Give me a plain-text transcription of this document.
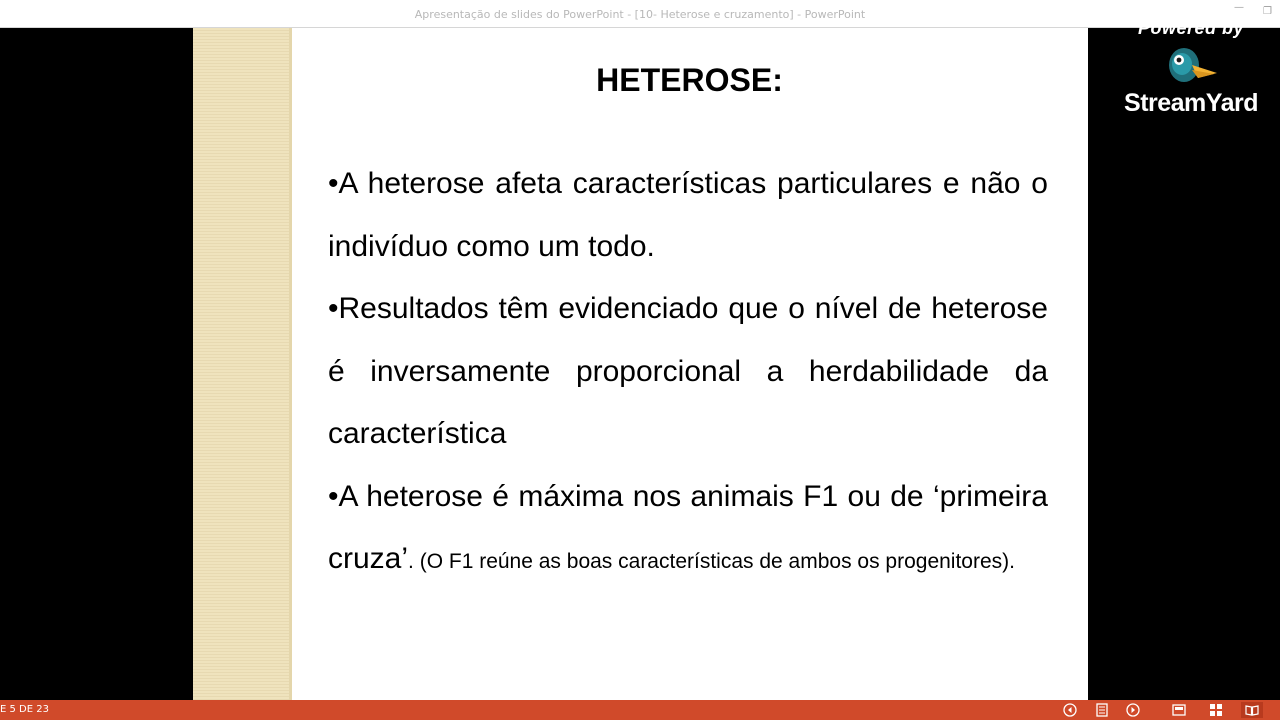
Apresentação de slides do PowerPoint - [10- Heterose e cruzamento] - PowerPoint
— ❐
HETEROSE:

•A heterose afeta características particulares e não o indivíduo como um todo.

•Resultados têm evidenciado que o nível de heterose é inversamente proporcional a herdabilidade da característica

•A heterose é máxima nos animais F1 ou de ‘primeira cruza’. (O F1 reúne as boas características de ambos os progenitores).

Powered by
StreamYard
E 5 DE 23
